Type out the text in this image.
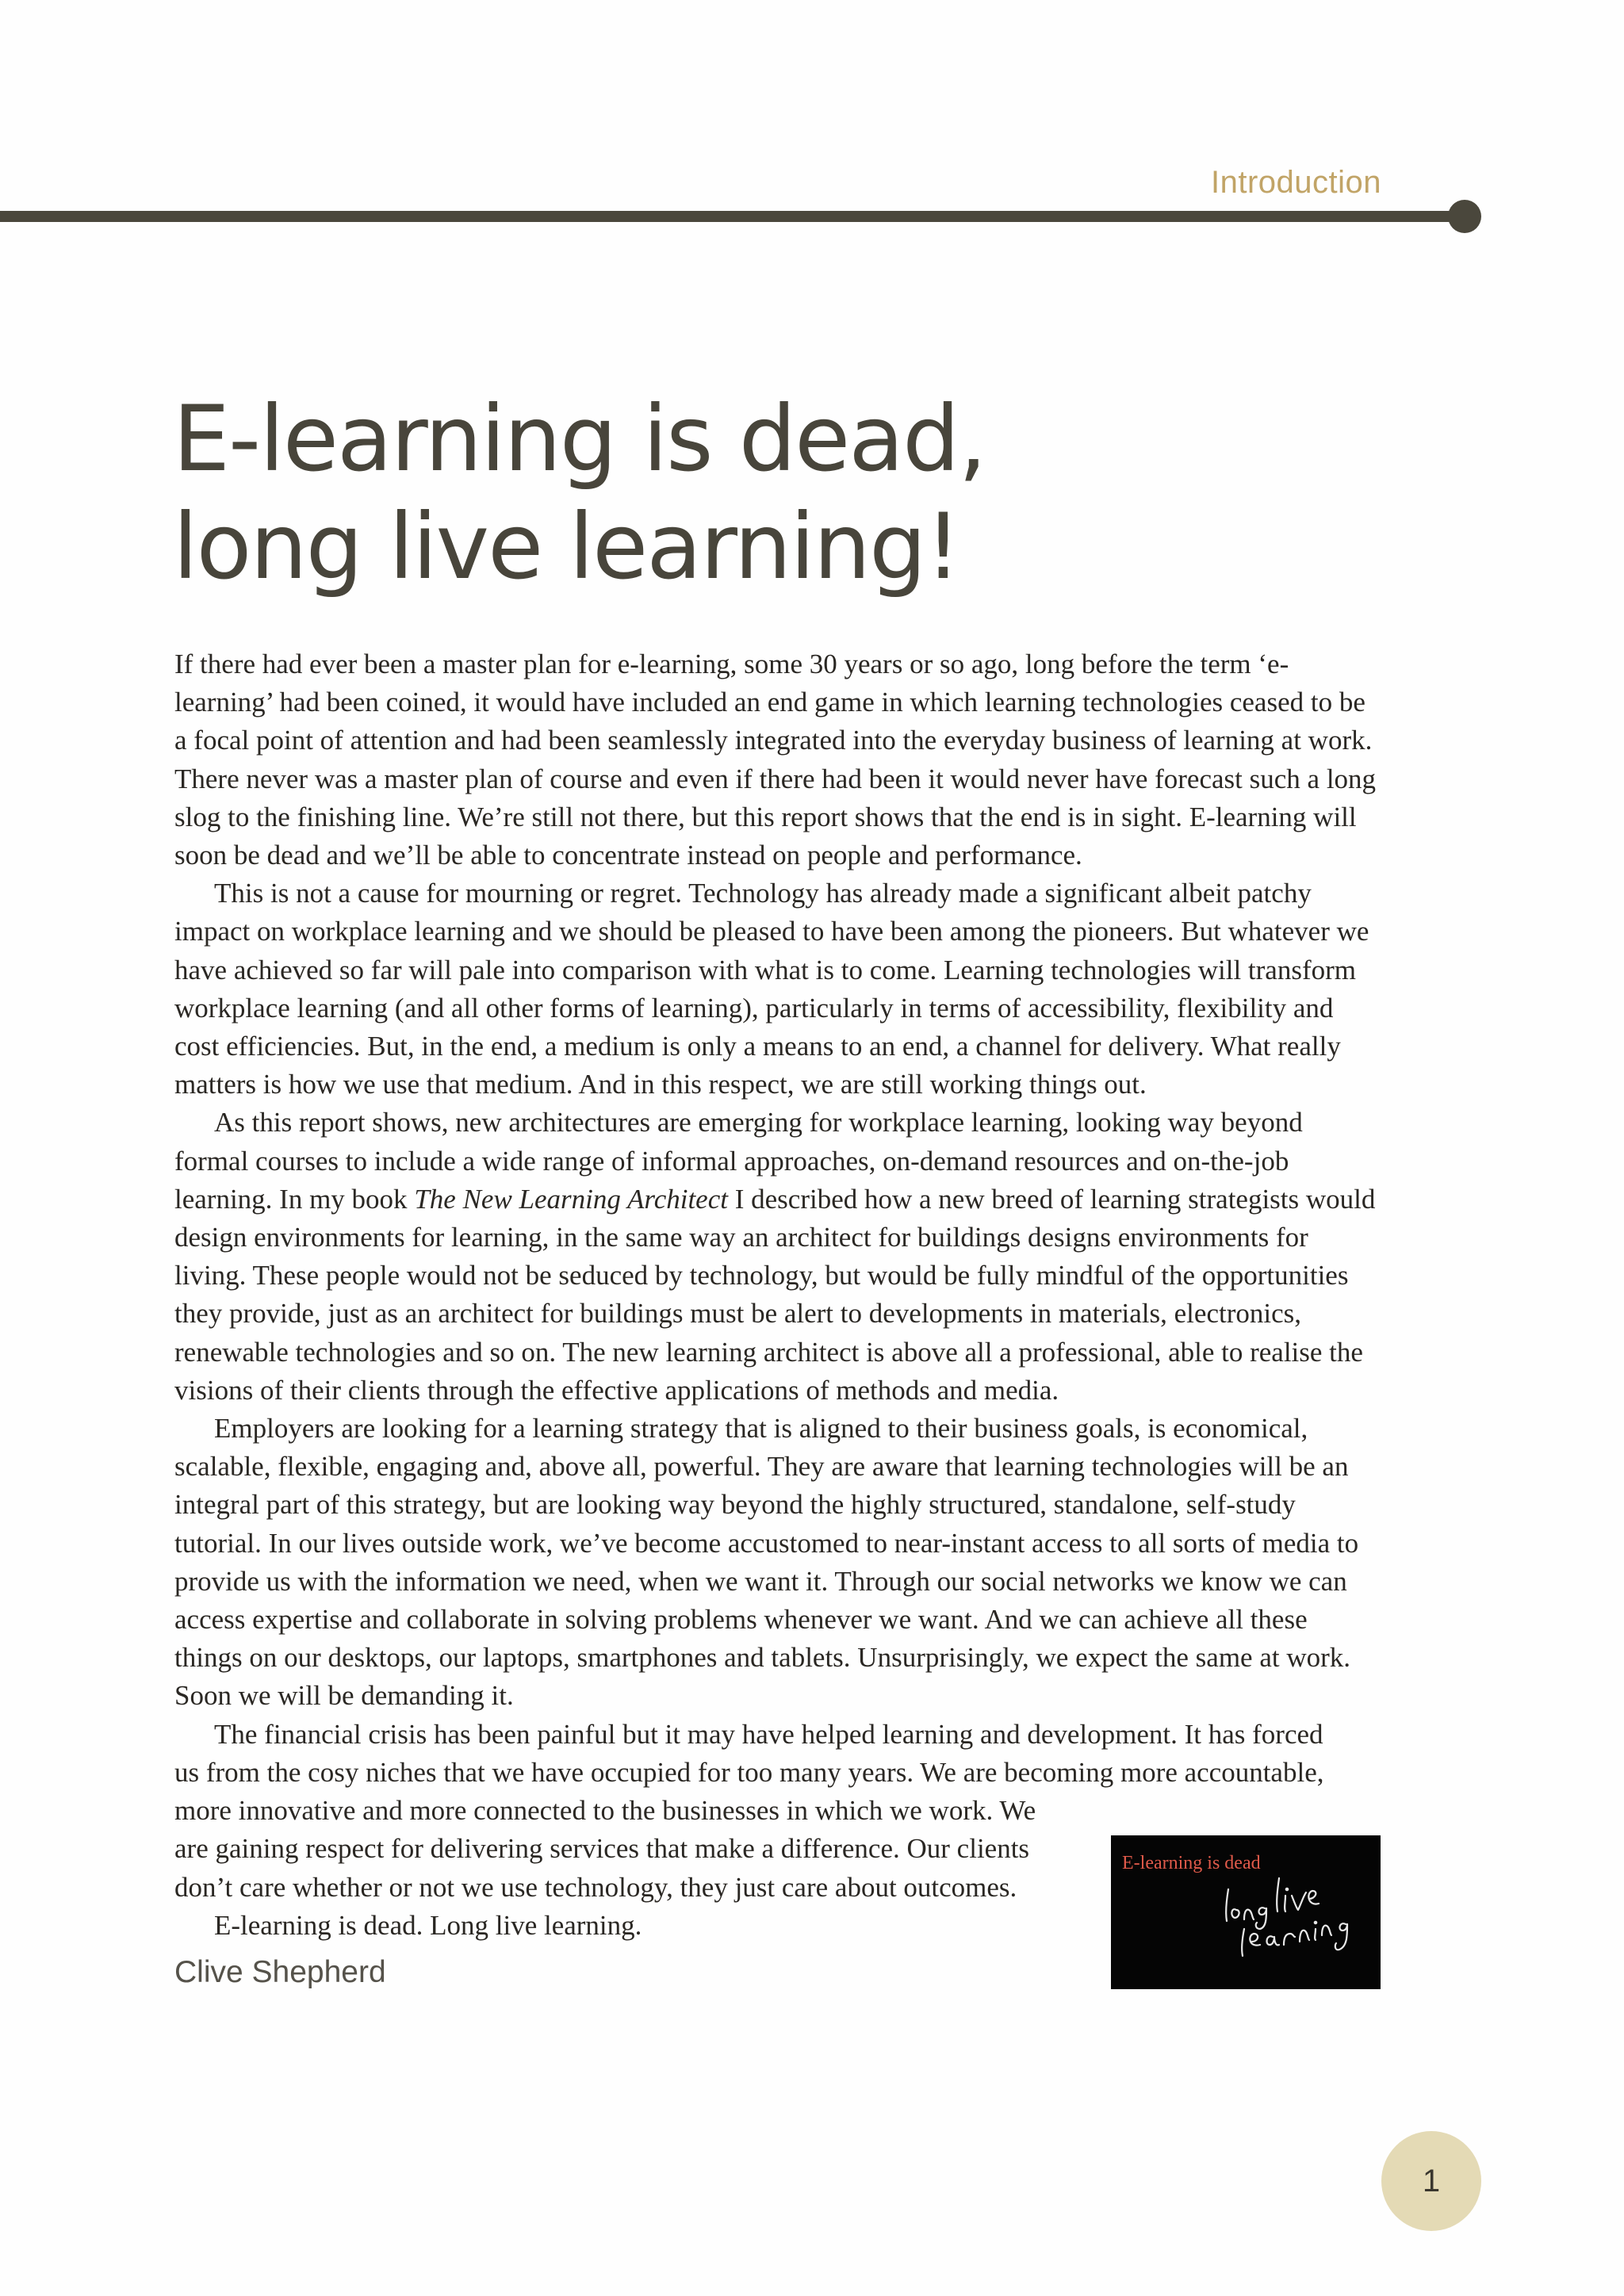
Introduction
E-learning is dead,
long live learning!

If there had ever been a master plan for e-learning, some 30 years or so ago, long before the term ‘e-learning’ had been coined, it would have included an end game in which learning technologies ceased to be a focal point of attention and had been seamlessly integrated into the everyday business of learning at work. There never was a master plan of course and even if there had been it would never have forecast such a long slog to the finishing line. We’re still not there, but this report shows that the end is in sight. E-learning will soon be dead and we’ll be able to concentrate instead on people and performance.

This is not a cause for mourning or regret. Technology has already made a significant albeit patchy impact on workplace learning and we should be pleased to have been among the pioneers. But whatever we have achieved so far will pale into comparison with what is to come. Learning technologies will transform workplace learning (and all other forms of learning), particularly in terms of accessibility, flexibility and cost efficiencies. But, in the end, a medium is only a means to an end, a channel for delivery. What really matters is how we use that medium. And in this respect, we are still working things out.

As this report shows, new architectures are emerging for workplace learning, looking way beyond formal courses to include a wide range of informal approaches, on-demand resources and on-the-job learning. In my book The New Learning Architect I described how a new breed of learning strategists would design environments for learning, in the same way an architect for buildings designs environments for living. These people would not be seduced by technology, but would be fully mindful of the opportunities they provide, just as an architect for buildings must be alert to developments in materials, electronics, renewable technologies and so on. The new learning architect is above all a professional, able to realise the visions of their clients through the effective applications of methods and media.

Employers are looking for a learning strategy that is aligned to their business goals, is economical, scalable, flexible, engaging and, above all, powerful. They are aware that learning technologies will be an integral part of this strategy, but are looking way beyond the highly structured, standalone, self-study tutorial. In our lives outside work, we’ve become accustomed to near-instant access to all sorts of media to provide us with the information we need, when we want it. Through our social networks we know we can access expertise and collaborate in solving problems whenever we want. And we can achieve all these things on our desktops, our laptops, smartphones and tablets. Unsurprisingly, we expect the same at work. Soon we will be demanding it.

The financial crisis has been painful but it may have helped learning and development. It has forced
us from the cosy niches that we have occupied for too many years. We are becoming more accountable,
more innovative and more connected to the businesses in which we work. We
are gaining respect for delivering services that make a difference. Our clients
don’t care whether or not we use technology, they just care about outcomes.

E-learning is dead. Long live learning.

Clive Shepherd
E-learning is dead
1
